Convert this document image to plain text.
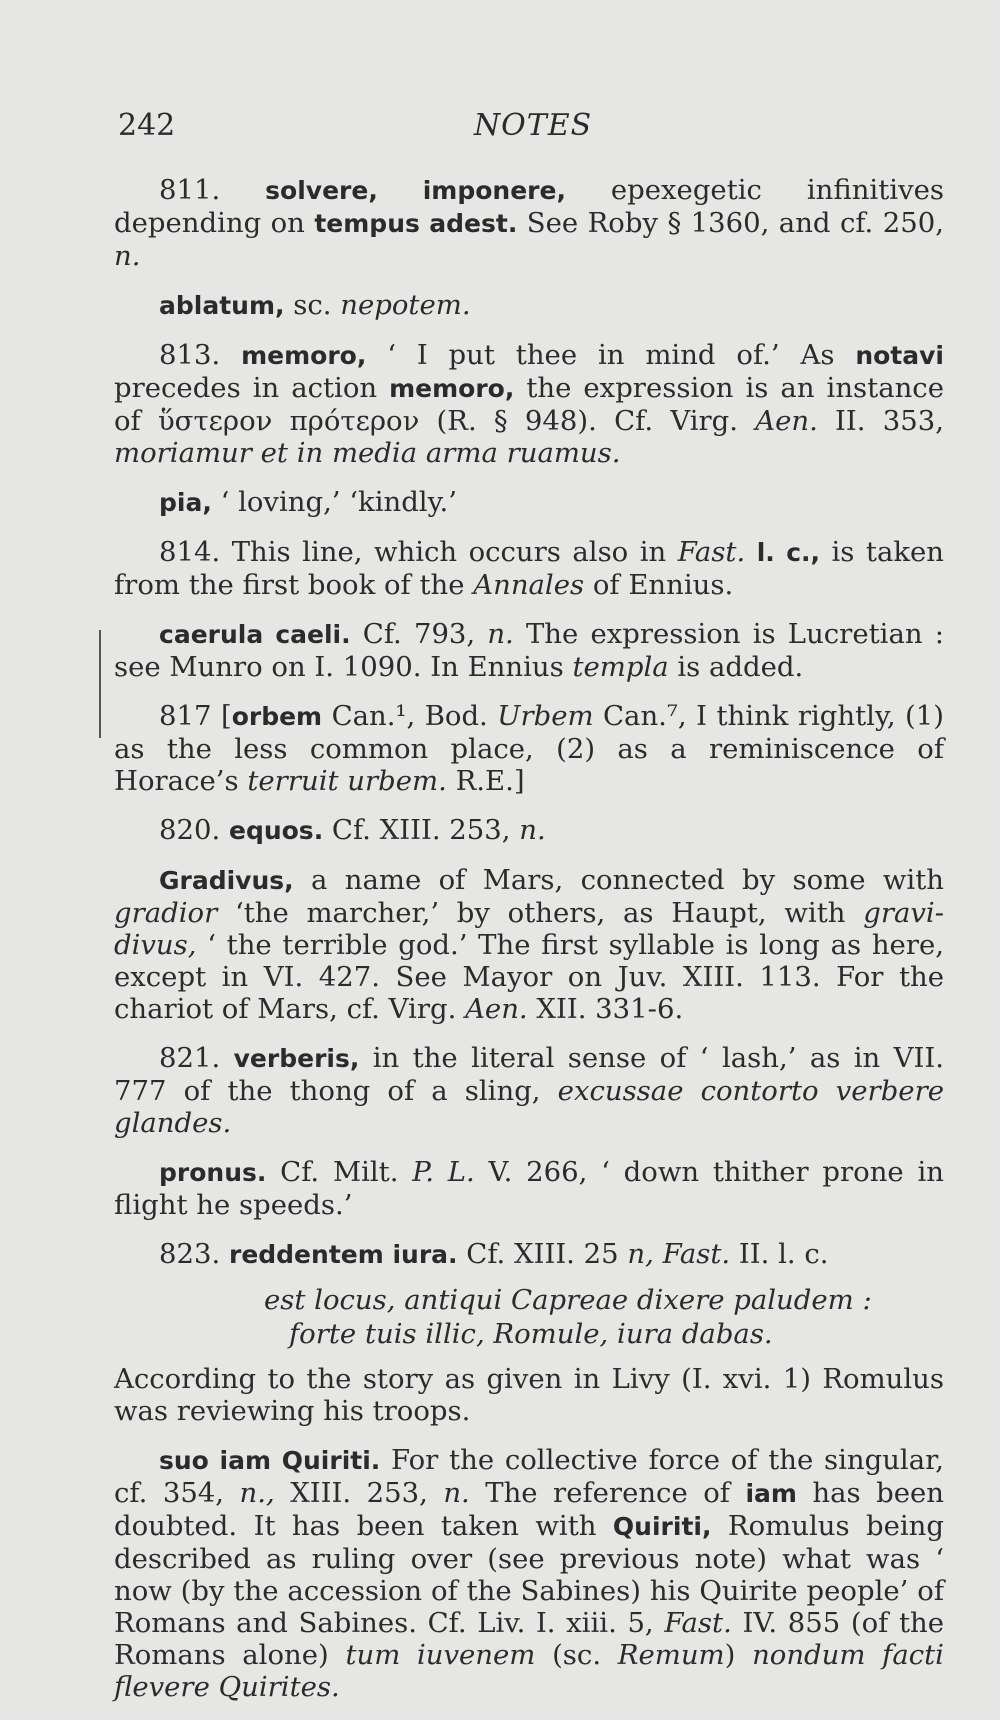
242	NOTES

811. solvere, imponere, epexegetic infinitives depending on tempus adest. See Roby § 1360, and cf. 250, n.

ablatum, sc. nepotem.

813. memoro, ‘ I put thee in mind of.’ As notavi precedes in action memoro, the expression is an instance of ὕστερον πρότερον (R. § 948). Cf. Virg. Aen. II. 353, moriamur et in media arma ruamus.

pia, ‘ loving,’ ‘kindly.’

814. This line, which occurs also in Fast. l. c., is taken from the first book of the Annales of Ennius.

caerula caeli. Cf. 793, n. The expression is Lucretian : see Munro on I. 1090. In Ennius templa is added.

817 [orbem Can.¹, Bod. Urbem Can.⁷, I think rightly, (1) as the less common place, (2) as a reminiscence of Horace’s terruit urbem. R.E.]

820. equos. Cf. XIII. 253, n.

Gradivus, a name of Mars, connected by some with gradior ‘the marcher,’ by others, as Haupt, with gravi-divus, ‘ the terrible god.’ The first syllable is long as here, except in VI. 427. See Mayor on Juv. XIII. 113. For the chariot of Mars, cf. Virg. Aen. XII. 331-6.

821. verberis, in the literal sense of ‘ lash,’ as in VII. 777 of the thong of a sling, excussae contorto verbere glandes.

pronus. Cf. Milt. P. L. V. 266, ‘ down thither prone in flight he speeds.’

823. reddentem iura. Cf. XIII. 25 n, Fast. II. l. c.

est locus, antiqui Capreae dixere paludem :
forte tuis illic, Romule, iura dabas.

According to the story as given in Livy (I. xvi. 1) Romulus was reviewing his troops.

suo iam Quiriti. For the collective force of the singular, cf. 354, n., XIII. 253, n. The reference of iam has been doubted. It has been taken with Quiriti, Romulus being described as ruling over (see previous note) what was ‘ now (by the accession of the Sabines) his Quirite people’ of Romans and Sabines. Cf. Liv. I. xiii. 5, Fast. IV. 855 (of the Romans alone) tum iuvenem (sc. Remum) nondum facti flevere Quirites.
